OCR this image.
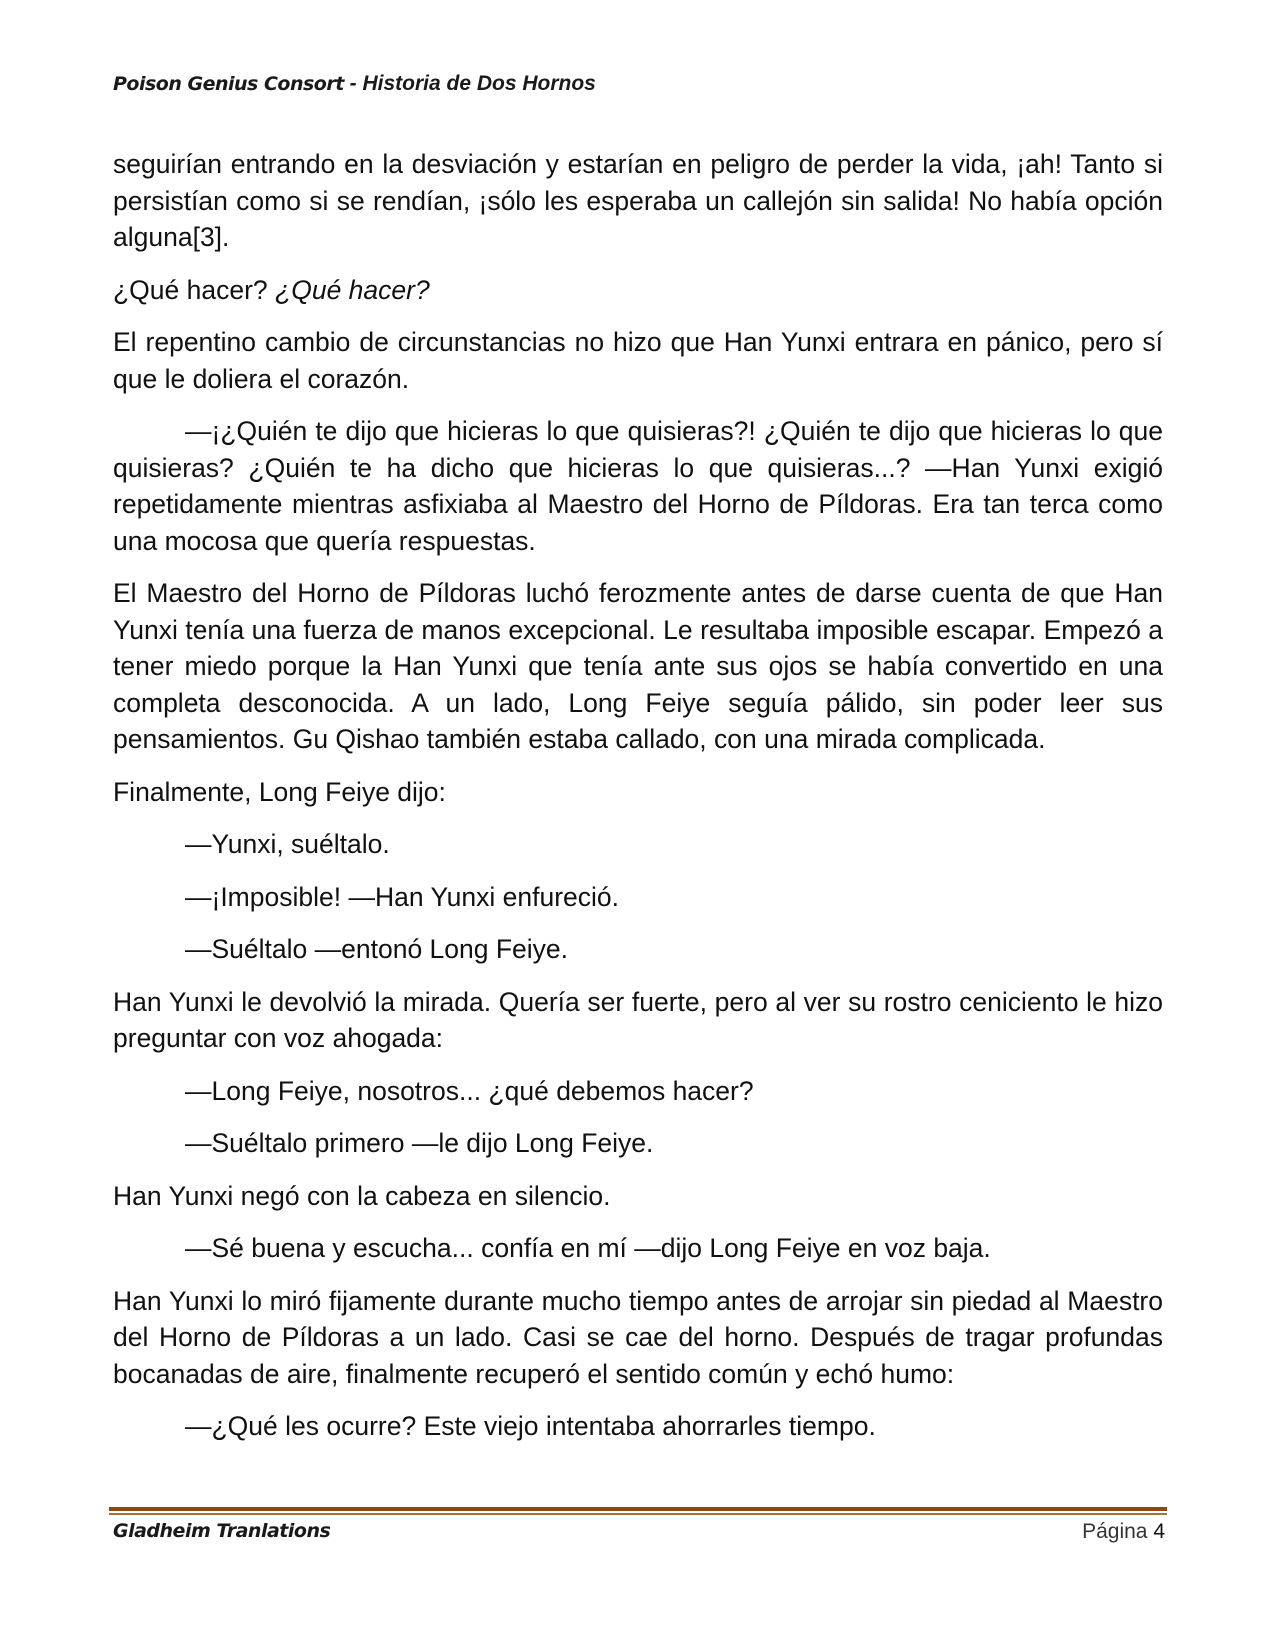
Poison Genius Consort - Historia de Dos Hornos

seguirían entrando en la desviación y estarían en peligro de perder la vida, ¡ah! Tanto si persistían como si se rendían, ¡sólo les esperaba un callejón sin salida! No había opción alguna[3].

¿Qué hacer? ¿Qué hacer?

El repentino cambio de circunstancias no hizo que Han Yunxi entrara en pánico, pero sí que le doliera el corazón.

—¡¿Quién te dijo que hicieras lo que quisieras?! ¿Quién te dijo que hicieras lo que quisieras? ¿Quién te ha dicho que hicieras lo que quisieras...? —Han Yunxi exigió repetidamente mientras asfixiaba al Maestro del Horno de Píldoras. Era tan terca como una mocosa que quería respuestas.

El Maestro del Horno de Píldoras luchó ferozmente antes de darse cuenta de que Han Yunxi tenía una fuerza de manos excepcional. Le resultaba imposible escapar. Empezó a tener miedo porque la Han Yunxi que tenía ante sus ojos se había convertido en una completa desconocida. A un lado, Long Feiye seguía pálido, sin poder leer sus pensamientos. Gu Qishao también estaba callado, con una mirada complicada.

Finalmente, Long Feiye dijo:

—Yunxi, suéltalo.

—¡Imposible! —Han Yunxi enfureció.

—Suéltalo —entonó Long Feiye.

Han Yunxi le devolvió la mirada. Quería ser fuerte, pero al ver su rostro ceniciento le hizo preguntar con voz ahogada:

—Long Feiye, nosotros... ¿qué debemos hacer?

—Suéltalo primero —le dijo Long Feiye.

Han Yunxi negó con la cabeza en silencio.

—Sé buena y escucha... confía en mí —dijo Long Feiye en voz baja.

Han Yunxi lo miró fijamente durante mucho tiempo antes de arrojar sin piedad al Maestro del Horno de Píldoras a un lado. Casi se cae del horno. Después de tragar profundas bocanadas de aire, finalmente recuperó el sentido común y echó humo:

—¿Qué les ocurre? Este viejo intentaba ahorrarles tiempo.

Gladheim Tranlations	Página 4
